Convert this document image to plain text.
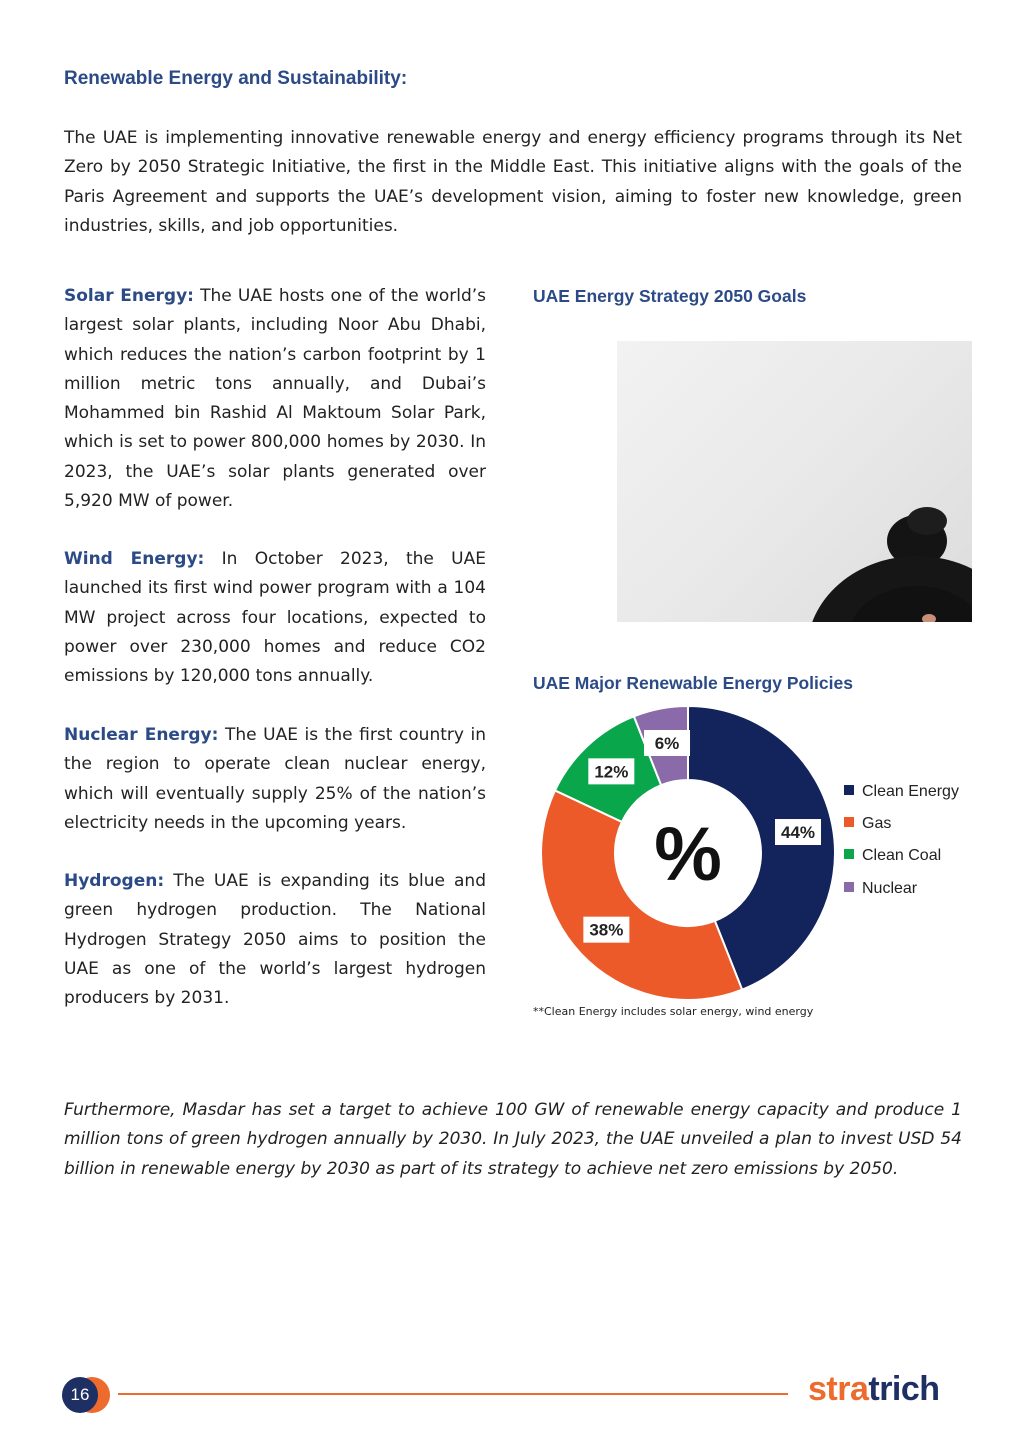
Renewable Energy and Sustainability:
The UAE is implementing innovative renewable energy and energy efficiency programs through its Net Zero by 2050 Strategic Initiative, the first in the Middle East. This initiative aligns with the goals of the Paris Agreement and supports the UAE’s development vision, aiming to foster new knowledge, green industries, skills, and job opportunities.
Solar Energy: The UAE hosts one of the world’s largest solar plants, including Noor Abu Dhabi, which reduces the nation’s carbon footprint by 1 million metric tons annually, and Dubai’s Mohammed bin Rashid Al Maktoum Solar Park, which is set to power 800,000 homes by 2030. In 2023, the UAE’s solar plants generated over 5,920 MW of power.
Wind Energy: In October 2023, the UAE launched its first wind power program with a 104 MW project across four locations, expected to power over 230,000 homes and reduce CO2 emissions by 120,000 tons annually.
Nuclear Energy: The UAE is the first country in the region to operate clean nuclear energy, which will eventually supply 25% of the nation’s electricity needs in the upcoming years.
Hydrogen: The UAE is expanding its blue and green hydrogen production. The National Hydrogen Strategy 2050 aims to position the UAE as one of the world’s largest hydrogen producers by 2031.
UAE Energy Strategy 2050 Goals
UAE Major Renewable Energy Policies
%	44%
38%
12%
6%
Clean Energy
Gas
Clean Coal
Nuclear
**Clean Energy includes solar energy, wind energy
Furthermore, Masdar has set a target to achieve 100 GW of renewable energy capacity and produce 1 million tons of green hydrogen annually by 2030. In July 2023, the UAE unveiled a plan to invest USD 54 billion in renewable energy by 2030 as part of its strategy to achieve net zero emissions by 2050.
16	stratrich
